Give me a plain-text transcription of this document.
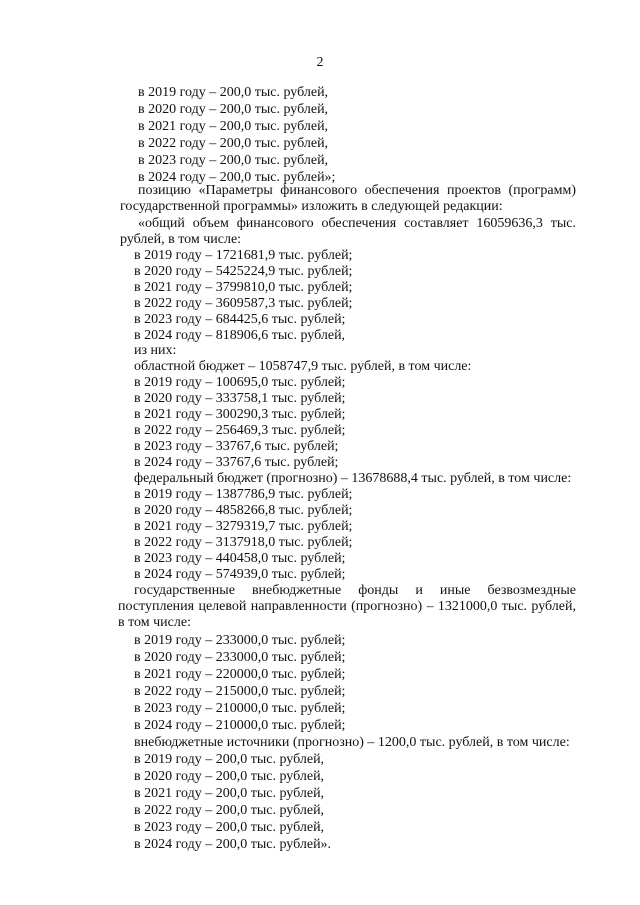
2
в 2019 году – 200,0 тыс. рублей,
в 2020 году – 200,0 тыс. рублей,
в 2021 году – 200,0 тыс. рублей,
в 2022 году – 200,0 тыс. рублей,
в 2023 году – 200,0 тыс. рублей,
в 2024 году – 200,0 тыс. рублей»;
позицию «Параметры финансового обеспечения проектов (программ)
государственной программы» изложить в следующей редакции:
«общий объем финансового обеспечения составляет 16059636,3 тыс.
рублей, в том числе:
в 2019 году – 1721681,9 тыс. рублей;
в 2020 году – 5425224,9 тыс. рублей;
в 2021 году – 3799810,0 тыс. рублей;
в 2022 году – 3609587,3 тыс. рублей;
в 2023 году – 684425,6 тыс. рублей;
в 2024 году – 818906,6 тыс. рублей,
из них:
областной бюджет – 1058747,9 тыс. рублей, в том числе:
в 2019 году – 100695,0 тыс. рублей;
в 2020 году – 333758,1 тыс. рублей;
в 2021 году – 300290,3 тыс. рублей;
в 2022 году – 256469,3 тыс. рублей;
в 2023 году – 33767,6 тыс. рублей;
в 2024 году – 33767,6 тыс. рублей;
федеральный бюджет (прогнозно) – 13678688,4 тыс. рублей, в том числе:
в 2019 году – 1387786,9 тыс. рублей;
в 2020 году – 4858266,8 тыс. рублей;
в 2021 году – 3279319,7 тыс. рублей;
в 2022 году – 3137918,0 тыс. рублей;
в 2023 году – 440458,0 тыс. рублей;
в 2024 году – 574939,0 тыс. рублей;
государственные внебюджетные фонды и иные безвозмездные
поступления целевой направленности (прогнозно) – 1321000,0 тыс. рублей,
в том числе:
в 2019 году – 233000,0 тыс. рублей;
в 2020 году – 233000,0 тыс. рублей;
в 2021 году – 220000,0 тыс. рублей;
в 2022 году – 215000,0 тыс. рублей;
в 2023 году – 210000,0 тыс. рублей;
в 2024 году – 210000,0 тыс. рублей;
внебюджетные источники (прогнозно) – 1200,0 тыс. рублей, в том числе:
в 2019 году – 200,0 тыс. рублей,
в 2020 году – 200,0 тыс. рублей,
в 2021 году – 200,0 тыс. рублей,
в 2022 году – 200,0 тыс. рублей,
в 2023 году – 200,0 тыс. рублей,
в 2024 году – 200,0 тыс. рублей».
